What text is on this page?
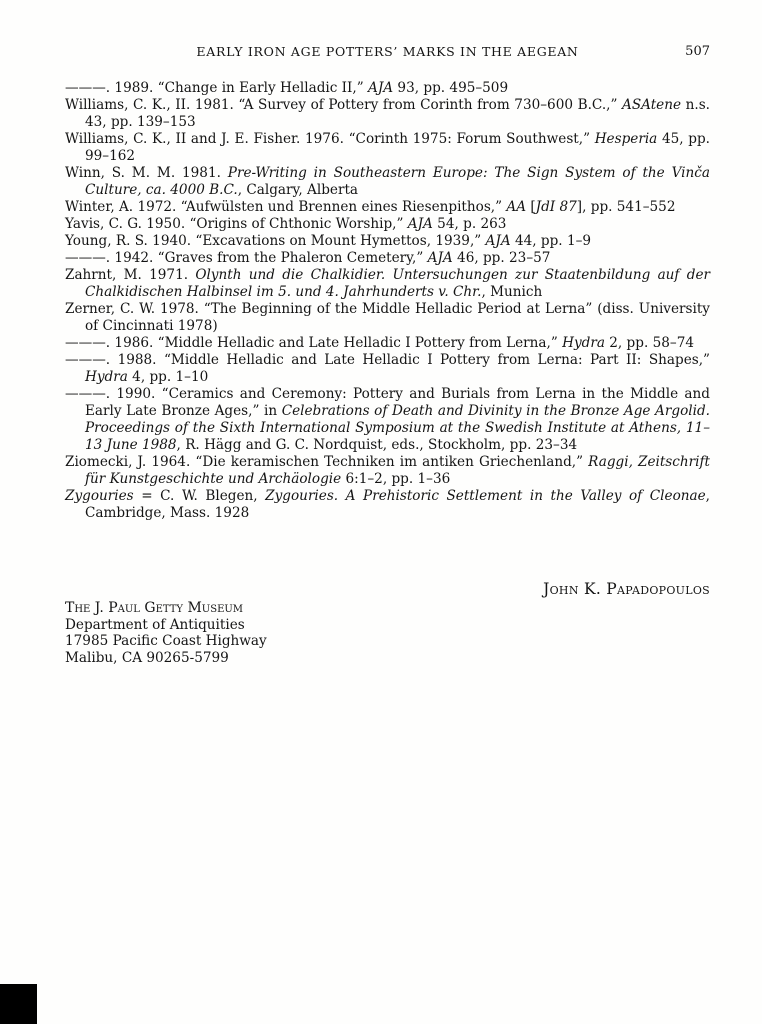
EARLY IRON AGE POTTERS’ MARKS IN THE AEGEAN	507

———. 1989. “Change in Early Helladic II,” AJA 93, pp. 495–509

Williams, C. K., II. 1981. “A Survey of Pottery from Corinth from 730–600 B.C.,” ASAtene n.s. 43, pp. 139–153

Williams, C. K., II and J. E. Fisher. 1976. “Corinth 1975: Forum Southwest,” Hesperia 45, pp. 99–162

Winn, S. M. M. 1981. Pre-Writing in Southeastern Europe: The Sign System of the Vinča Culture, ca. 4000 B.C., Calgary, Alberta

Winter, A. 1972. “Aufwülsten und Brennen eines Riesenpithos,” AA [JdI 87], pp. 541–552

Yavis, C. G. 1950. “Origins of Chthonic Worship,” AJA 54, p. 263

Young, R. S. 1940. “Excavations on Mount Hymettos, 1939,” AJA 44, pp. 1–9

———. 1942. “Graves from the Phaleron Cemetery,” AJA 46, pp. 23–57

Zahrnt, M. 1971. Olynth und die Chalkidier. Untersuchungen zur Staatenbildung auf der Chalkidischen Halbinsel im 5. und 4. Jahrhunderts v. Chr., Munich

Zerner, C. W. 1978. “The Beginning of the Middle Helladic Period at Lerna” (diss. University of Cincinnati 1978)

———. 1986. “Middle Helladic and Late Helladic I Pottery from Lerna,” Hydra 2, pp. 58–74

———. 1988. “Middle Helladic and Late Helladic I Pottery from Lerna: Part II: Shapes,” Hydra 4, pp. 1–10

———. 1990. “Ceramics and Ceremony: Pottery and Burials from Lerna in the Middle and Early Late Bronze Ages,” in Celebrations of Death and Divinity in the Bronze Age Argolid. Proceedings of the Sixth International Symposium at the Swedish Institute at Athens, 11–13 June 1988, R. Hägg and G. C. Nordquist, eds., Stockholm, pp. 23–34

Ziomecki, J. 1964. “Die keramischen Techniken im antiken Griechenland,” Raggi, Zeitschrift für Kunstgeschichte und Archäologie 6:1–2, pp. 1–36

Zygouries = C. W. Blegen, Zygouries. A Prehistoric Settlement in the Valley of Cleonae, Cambridge, Mass. 1928

John K. Papadopoulos
The J. Paul Getty Museum
Department of Antiquities
17985 Pacific Coast Highway
Malibu, CA 90265-5799
